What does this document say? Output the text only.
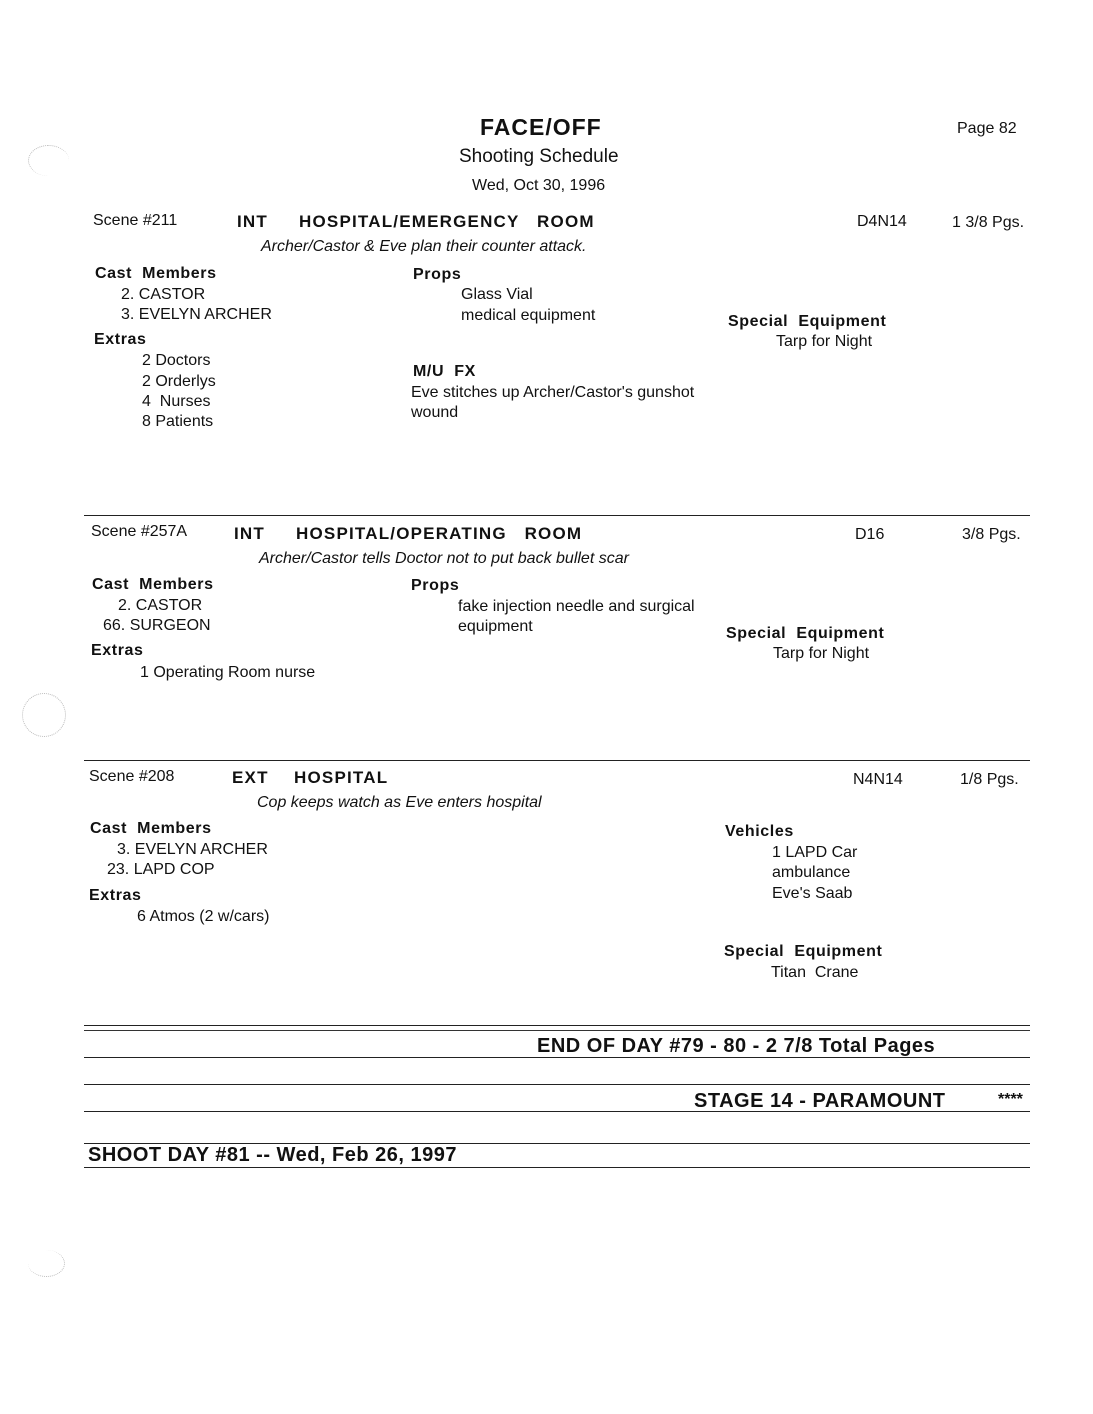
FACE/OFF
Shooting Schedule
Wed, Oct 30, 1996
Page 82
Scene #211	INT HOSPITAL/EMERGENCY   ROOM	D4N14	1 3/8 Pgs.
Archer/Castor & Eve plan their counter attack.
Cast  Members
2. CASTOR
3. EVELYN ARCHER
Extras
2 Doctors
2 Orderlys
4  Nurses
8 Patients
Props
Glass Vial
medical equipment
M/U  FX
Eve stitches up Archer/Castor's gunshot
wound
Special  Equipment
Tarp for Night
Scene #257A	INT HOSPITAL/OPERATING   ROOM	D16	3/8 Pgs.
Archer/Castor tells Doctor not to put back bullet scar
Cast  Members
2. CASTOR
66. SURGEON
Extras
1 Operating Room nurse
Props
fake injection needle and surgical
equipment	Special  Equipment
Tarp for Night
Scene #208	EXT HOSPITAL	N4N14	1/8 Pgs.
Cop keeps watch as Eve enters hospital
Cast  Members
3. EVELYN ARCHER
23. LAPD COP
Extras
6 Atmos (2 w/cars)
Vehicles
1 LAPD Car
ambulance
Eve's Saab
Special  Equipment
Titan  Crane
END OF DAY #79 - 80 - 2 7/8 Total Pages
STAGE 14 - PARAMOUNT	****
SHOOT DAY #81 -- Wed, Feb 26, 1997
